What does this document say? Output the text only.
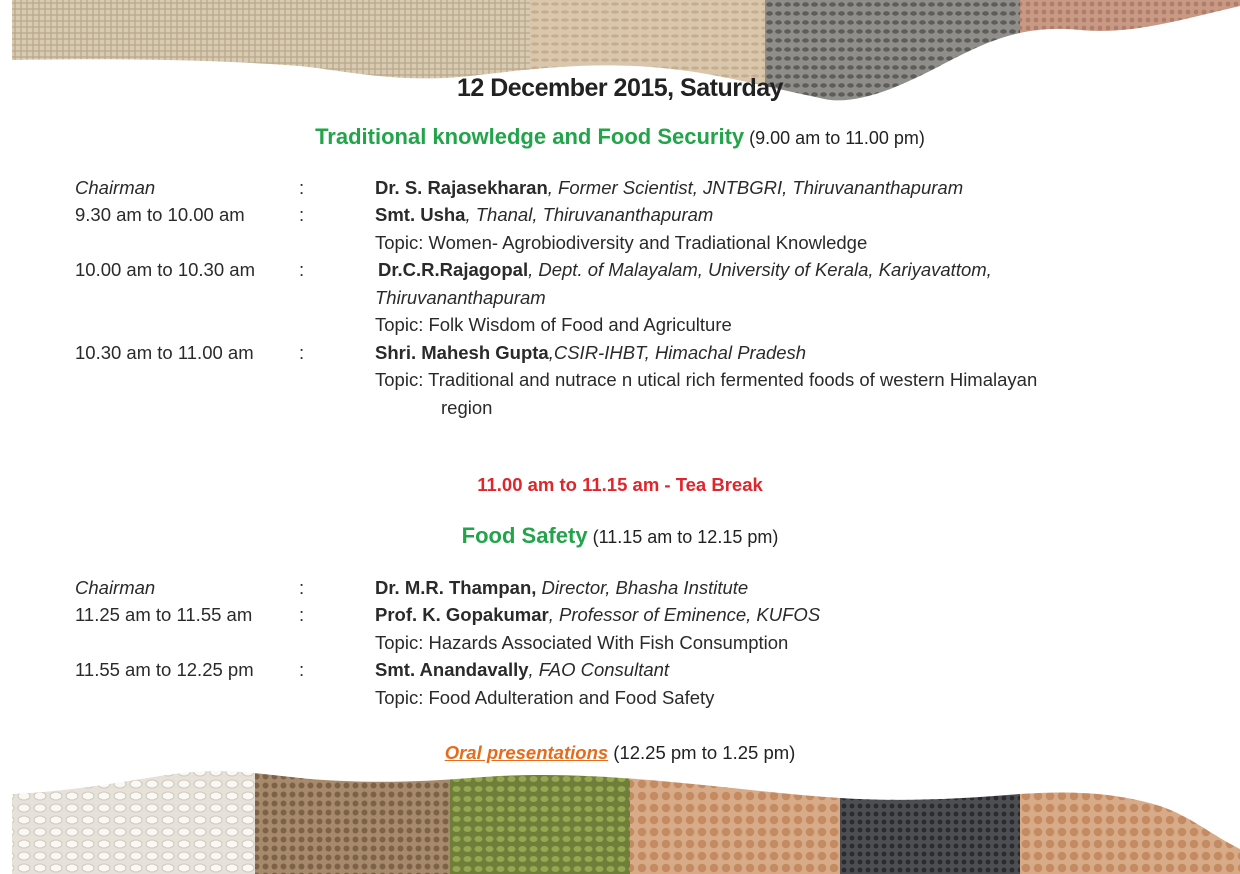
12 December 2015, Saturday
Traditional knowledge and Food Security (9.00 am to 11.00 pm)
Chairman	:	Dr. S. Rajasekharan, Former Scientist, JNTBGRI, Thiruvananthapuram
9.30 am to 10.00 am	:	Smt. Usha, Thanal, Thiruvananthapuram
Topic: Women- Agrobiodiversity and Tradiational Knowledge
10.00 am to 10.30 am :	Dr.C.R.Rajagopal, Dept. of Malayalam, University of Kerala, Kariyavattom,
Thiruvananthapuram
Topic: Folk Wisdom of Food and Agriculture
10.30 am to 11.00 am :	Shri. Mahesh Gupta,CSIR-IHBT, Himachal Pradesh
Topic: Traditional and nutrace n utical rich fermented foods of western Himalayan
region
11.00 am to 11.15 am - Tea Break
Food Safety (11.15 am to 12.15 pm)
Chairman	:	Dr. M.R. Thampan, Director, Bhasha Institute
11.25 am to 11.55 am	:	Prof. K. Gopakumar, Professor of Eminence, KUFOS
Topic: Hazards Associated With Fish Consumption
11.55 am to 12.25 pm :	Smt. Anandavally, FAO Consultant
Topic: Food Adulteration and Food Safety
Oral presentations (12.25 pm to 1.25 pm)
